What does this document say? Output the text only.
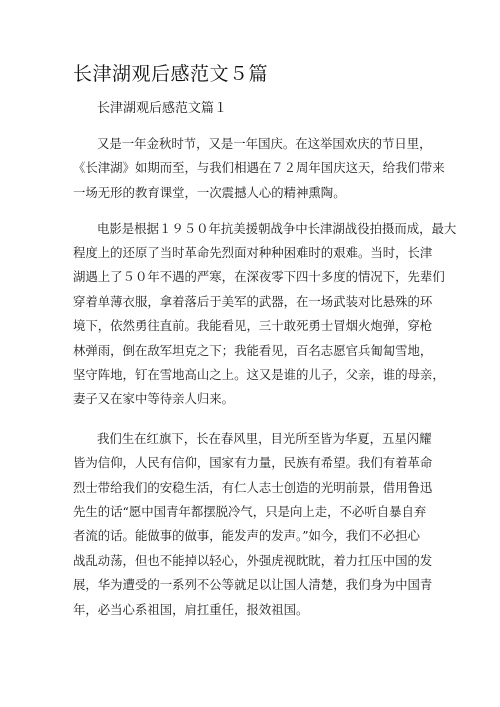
长津湖观后感范文５篇
长津湖观后感范文篇１
又是一年金秋时节，又是一年国庆。在这举国欢庆的节日里，
《长津湖》如期而至，与我们相遇在７２周年国庆这天，给我们带来
一场无形的教育课堂，一次震撼人心的精神熏陶。
电影是根据１９５０年抗美援朝战争中长津湖战役拍摄而成，最大
程度上的还原了当时革命先烈面对种种困难时的艰难。当时，长津
湖遇上了５０年不遇的严寒，在深夜零下四十多度的情况下，先辈们
穿着单薄衣服，拿着落后于美军的武器，在一场武装对比悬殊的环
境下，依然勇往直前。我能看见，三十敢死勇士冒烟火炮弹，穿枪
林弹雨，倒在敌军坦克之下；我能看见，百名志愿官兵匍匐雪地，
坚守阵地，钉在雪地高山之上。这又是谁的儿子，父亲，谁的母亲，
妻子又在家中等待亲人归来。
我们生在红旗下，长在春风里，目光所至皆为华夏，五星闪耀
皆为信仰，人民有信仰，国家有力量，民族有希望。我们有着革命
烈士带给我们的安稳生活，有仁人志士创造的光明前景，借用鲁迅
先生的话“愿中国青年都摆脱冷气，只是向上走，不必听自暴自弃
者流的话。能做事的做事，能发声的发声。”如今，我们不必担心
战乱动荡，但也不能掉以轻心，外强虎视眈眈，着力扛压中国的发
展，华为遭受的一系列不公等就足以让国人清楚，我们身为中国青
年，必当心系祖国，肩扛重任，报效祖国。
